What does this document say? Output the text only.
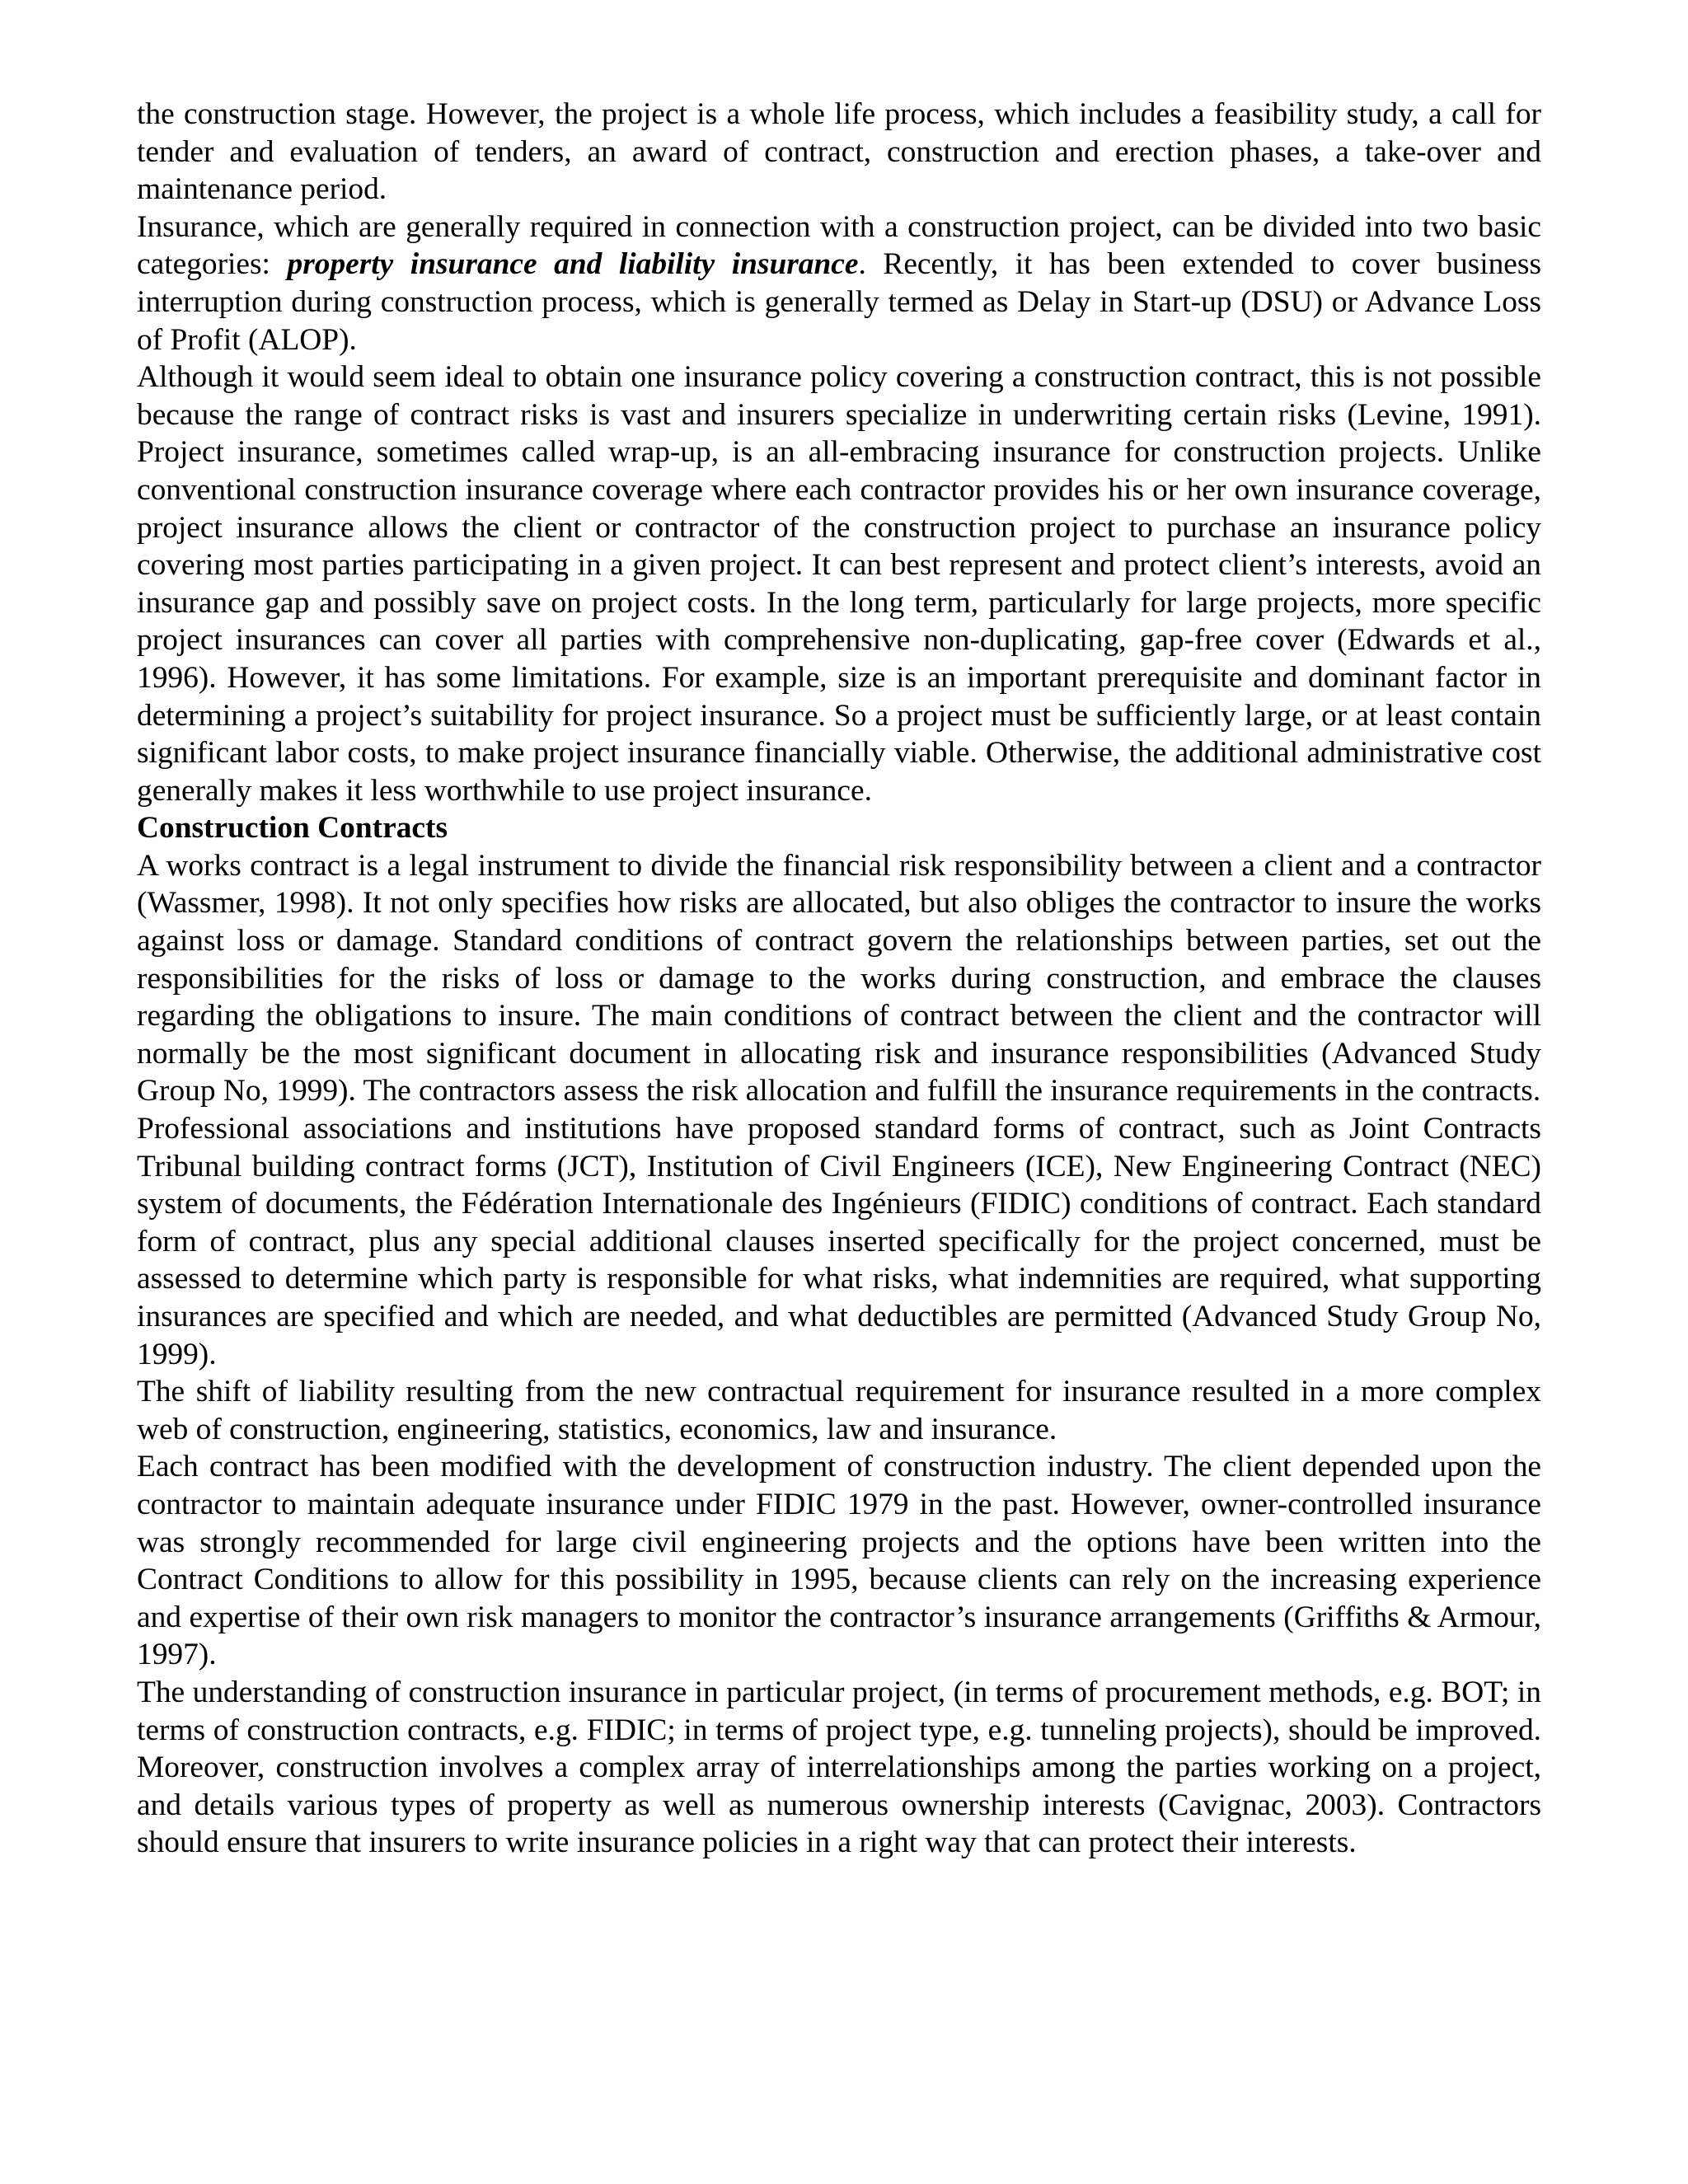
the construction stage. However, the project is a whole life process, which includes a feasibility study, a call for tender and evaluation of tenders, an award of contract, construction and erection phases, a take-over and maintenance period.

Insurance, which are generally required in connection with a construction project, can be divided into two basic categories: property insurance and liability insurance. Recently, it has been extended to cover business interruption during construction process, which is generally termed as Delay in Start-up (DSU) or Advance Loss of Profit (ALOP).

Although it would seem ideal to obtain one insurance policy covering a construction contract, this is not possible because the range of contract risks is vast and insurers specialize in underwriting certain risks (Levine, 1991). Project insurance, sometimes called wrap-up, is an all-embracing insurance for construction projects. Unlike conventional construction insurance coverage where each contractor provides his or her own insurance coverage, project insurance allows the client or contractor of the construction project to purchase an insurance policy covering most parties participating in a given project. It can best represent and protect client’s interests, avoid an insurance gap and possibly save on project costs. In the long term, particularly for large projects, more specific project insurances can cover all parties with comprehensive non-duplicating, gap-free cover (Edwards et al., 1996). However, it has some limitations. For example, size is an important prerequisite and dominant factor in determining a project’s suitability for project insurance. So a project must be sufficiently large, or at least contain significant labor costs, to make project insurance financially viable. Otherwise, the additional administrative cost generally makes it less worthwhile to use project insurance.

Construction Contracts

A works contract is a legal instrument to divide the financial risk responsibility between a client and a contractor (Wassmer, 1998). It not only specifies how risks are allocated, but also obliges the contractor to insure the works against loss or damage. Standard conditions of contract govern the relationships between parties, set out the responsibilities for the risks of loss or damage to the works during construction, and embrace the clauses regarding the obligations to insure. The main conditions of contract between the client and the contractor will normally be the most significant document in allocating risk and insurance responsibilities (Advanced Study Group No, 1999). The contractors assess the risk allocation and fulfill the insurance requirements in the contracts.

Professional associations and institutions have proposed standard forms of contract, such as Joint Contracts Tribunal building contract forms (JCT), Institution of Civil Engineers (ICE), New Engineering Contract (NEC) system of documents, the Fédération Internationale des Ingénieurs (FIDIC) conditions of contract. Each standard form of contract, plus any special additional clauses inserted specifically for the project concerned, must be assessed to determine which party is responsible for what risks, what indemnities are required, what supporting insurances are specified and which are needed, and what deductibles are permitted (Advanced Study Group No, 1999).

The shift of liability resulting from the new contractual requirement for insurance resulted in a more complex web of construction, engineering, statistics, economics, law and insurance.

Each contract has been modified with the development of construction industry. The client depended upon the contractor to maintain adequate insurance under FIDIC 1979 in the past. However, owner-controlled insurance was strongly recommended for large civil engineering projects and the options have been written into the Contract Conditions to allow for this possibility in 1995, because clients can rely on the increasing experience and expertise of their own risk managers to monitor the contractor’s insurance arrangements (Griffiths & Armour, 1997).

The understanding of construction insurance in particular project, (in terms of procurement methods, e.g. BOT; in terms of construction contracts, e.g. FIDIC; in terms of project type, e.g. tunneling projects), should be improved. Moreover, construction involves a complex array of interrelationships among the parties working on a project, and details various types of property as well as numerous ownership interests (Cavignac, 2003). Contractors should ensure that insurers to write insurance policies in a right way that can protect their interests.
